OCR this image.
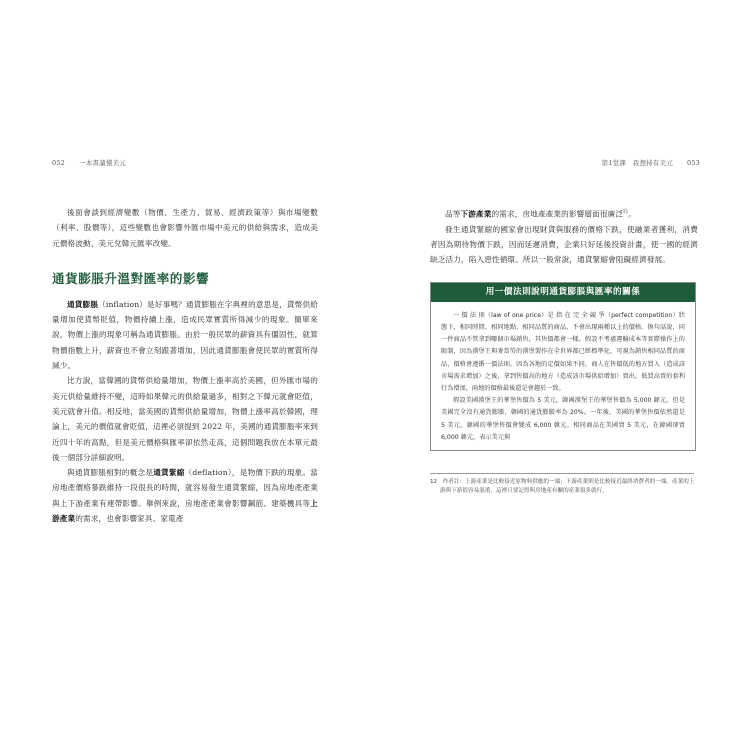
052 一本書讀懂美元	第1堂課　我想持有美元 053

後面會談到經濟變數（物價、生產力、貿易、經濟政策等）與市場變數（利率、股價等），這些變數也會影響外匯市場中美元的供給與需求，造成美元價格波動、美元兌韓元匯率改變。

通貨膨脹升溫對匯率的影響

通貨膨脹（inflation）是好事嗎？通貨膨脹在字典裡的意思是，貨幣供給量增加使貨幣貶值，物價持續上漲，造成民眾實質所得減少的現象。簡單來說，物價上漲的現象可稱為通貨膨脹。由於一般民眾的薪資具有僵固性，就算物價指數上升，薪資也不會立刻跟著增加，因此通貨膨脹會使民眾的實質所得減少。

比方說，當韓國的貨幣供給量增加，物價上漲率高於美國，但外匯市場的美元供給量維持不變，這時如果韓元的供給量過多，相對之下韓元就會貶值，美元就會升值。相反地，當美國的貨幣供給量增加，物價上漲率高於韓國，理論上，美元的價值就會貶值，這裡必須提到 2022 年，美國的通貨膨脹率來到近四十年的高點，但是美元價格與匯率卻依然走高，這個問題我放在本單元最後一個部分詳細說明。

與通貨膨脹相對的概念是通貨緊縮（deflation），是物價下跌的現象。當房地產價格暴跌維持一段很長的時間，就容易發生通貨緊縮，因為房地產產業與上下游產業有連帶影響。舉例來說，房地產產業會影響鋼筋、建築機具等上游產業的需求，也會影響家具、家電產

品等下游產業的需求，房地產產業的影響層面很廣泛⑫。

發生通貨緊縮的國家會出現財貨與服務的價格下跌，使融業者獲利，消費者因為期待物價下跌，因而延遲消費，企業只好延後投資計畫，使一國的經濟缺乏活力，陷入惡性循環。所以一般常說，通貨緊縮會阻礙經濟發展。

用一價法則說明通貨膨脹與匯率的關係

一 價 法 則（law of one price）是 指 在 完 全 競 爭（perfect competition）狀態下，相同時間、相同地點、相同品質的商品，不會出現兩種以上的價格。換句話說，同一件商品不管拿到哪個市場銷售，其售價都會一樣。假設不考慮運輸成本等實際操作上的限制，因為漢堡王與麥當勞的漢堡製作在全世界都已經標準化，可視為銷售相同品質的商品，價格會遵循一價法則。因為各地的定價如果不同，商人在售價低的地方買入（造成該市場需求增加）之後，拿到售價高的地方（造成該市場供給增加）賣出，低買高賣的套利行為增加，兩地的價格最後還是會趨於一致。

假設美國漢堡王的華堡售價為 5 美元，韓國漢堡王的華堡售價為 5,000 韓元，但是美國完全沒有通貨膨脹，韓國的通貨膨脹率為 20%。一年後，美國的華堡售價依然還是 5 美元，韓國的華堡售價會變成 6,000 韓元。相同商品在美國賣 5 美元，在韓國卻賣 6,000 韓元，表示美元與

12　作者註：上游產業是比較接近原物料供應的一端；下游產業則是比較接近最終消費者的一端。產業的上游與下游很容易混淆，這裡只要記得與房地產有關的產業很多就行。
